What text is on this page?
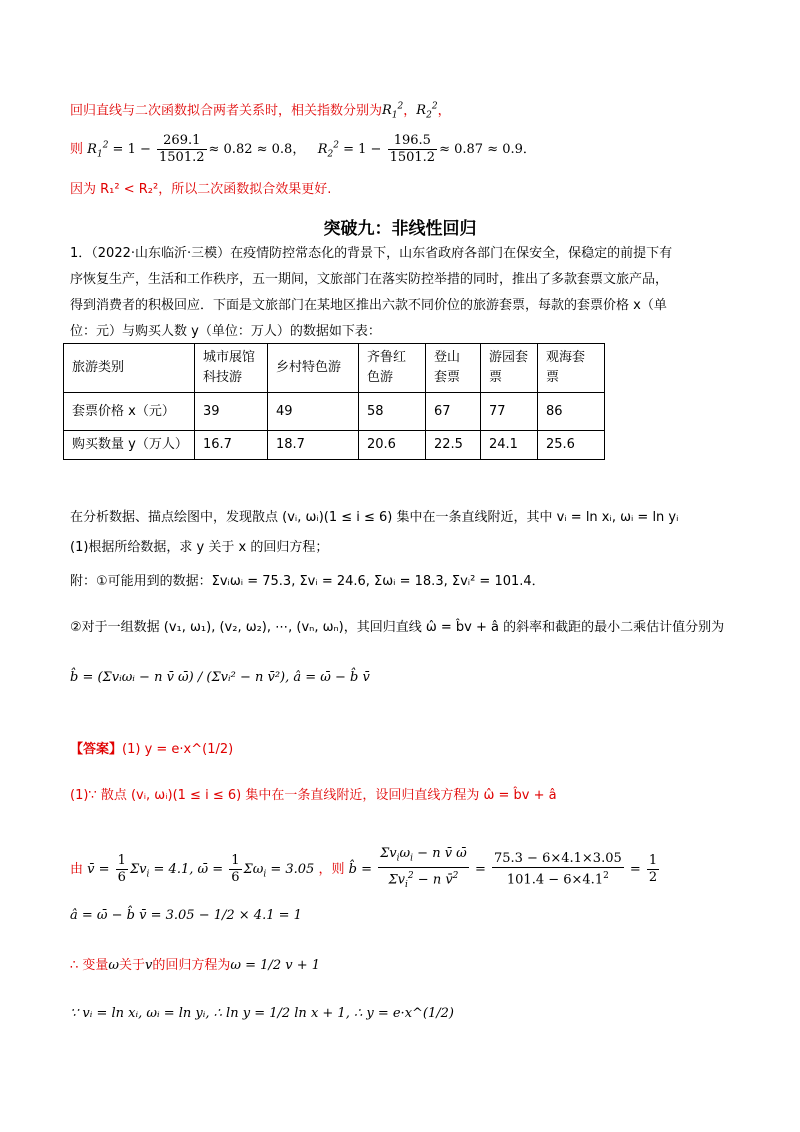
回归直线与二次函数拟合两者关系时，相关指数分别为$R_1^2$，$R_2^2$，
则 $R_1^2 = 1 - \frac{269.1}{1501.2} \approx 0.82 \approx 0.8$， $R_2^2 = 1 - \frac{196.5}{1501.2} \approx 0.87 \approx 0.9$．
因为 R₁² < R₂²，所以二次函数拟合效果更好.
突破九：非线性回归
1．（2022·山东临沂·三模）在疫情防控常态化的背景下，山东省政府各部门在保安全，保稳定的前提下有
序恢复生产，生活和工作秩序，五一期间，文旅部门在落实防控举措的同时，推出了多款套票文旅产品，
得到消费者的积极回应．下面是文旅部门在某地区推出六款不同价位的旅游套票，每款的套票价格 x（单
位：元）与购买人数 y（单位：万人）的数据如下表：
旅游类别	城市展馆科技游	乡村特色游	齐鲁红色游	登山套票	游园套票	观海套票
套票价格 x（元）	39	49	58	67	77	86
购买数量 y（万人）	16.7	18.7	20.6	22.5	24.1	25.6
在分析数据、描点绘图中，发现散点 (vᵢ, ωᵢ)(1 ≤ i ≤ 6) 集中在一条直线附近，其中 vᵢ = ln xᵢ, ωᵢ = ln yᵢ
(1)根据所给数据，求 y 关于 x 的回归方程；
附：①可能用到的数据：Σvᵢωᵢ = 75.3, Σvᵢ = 24.6, Σωᵢ = 18.3, Σvᵢ² = 101.4．
②对于一组数据 (v₁, ω₁), (v₂, ω₂), ⋯, (vₙ, ωₙ)，其回归直线 ω̂ = b̂v + â 的斜率和截距的最小二乘估计值分别为
b̂ = (Σvᵢωᵢ − n v̄ ω̄) / (Σvᵢ² − n v̄²), â = ω̄ − b̂ v̄
【答案】(1) y = e·x^(1/2)
(1)∵ 散点 (vᵢ, ωᵢ)(1 ≤ i ≤ 6) 集中在一条直线附近，设回归直线方程为 ω̂ = b̂v + â
由 v̄ = $\frac{1}{6} \Sigma v_i = 4.1$, ω̄ = $\frac{1}{6} \Sigma\omega_i = 3.05$ ，则 b̂ = $\frac{\Sigma v_i\omega_i - n v̄ \omegā}{\Sigma v_i^2 - n v̄^2} = \frac{75.3 - 6\times 4.1\times 3.05}{101.4 - 6\times 4.1^2} = \frac{1}{2}$
â = ω̄ − b̂ v̄ = 3.05 − 1/2 × 4.1 = 1
∴ 变量ω关于v的回归方程为ω = 1/2 v + 1
∵ vᵢ = ln xᵢ, ωᵢ = ln yᵢ, ∴ ln y = 1/2 ln x + 1, ∴ y = e·x^(1/2)
